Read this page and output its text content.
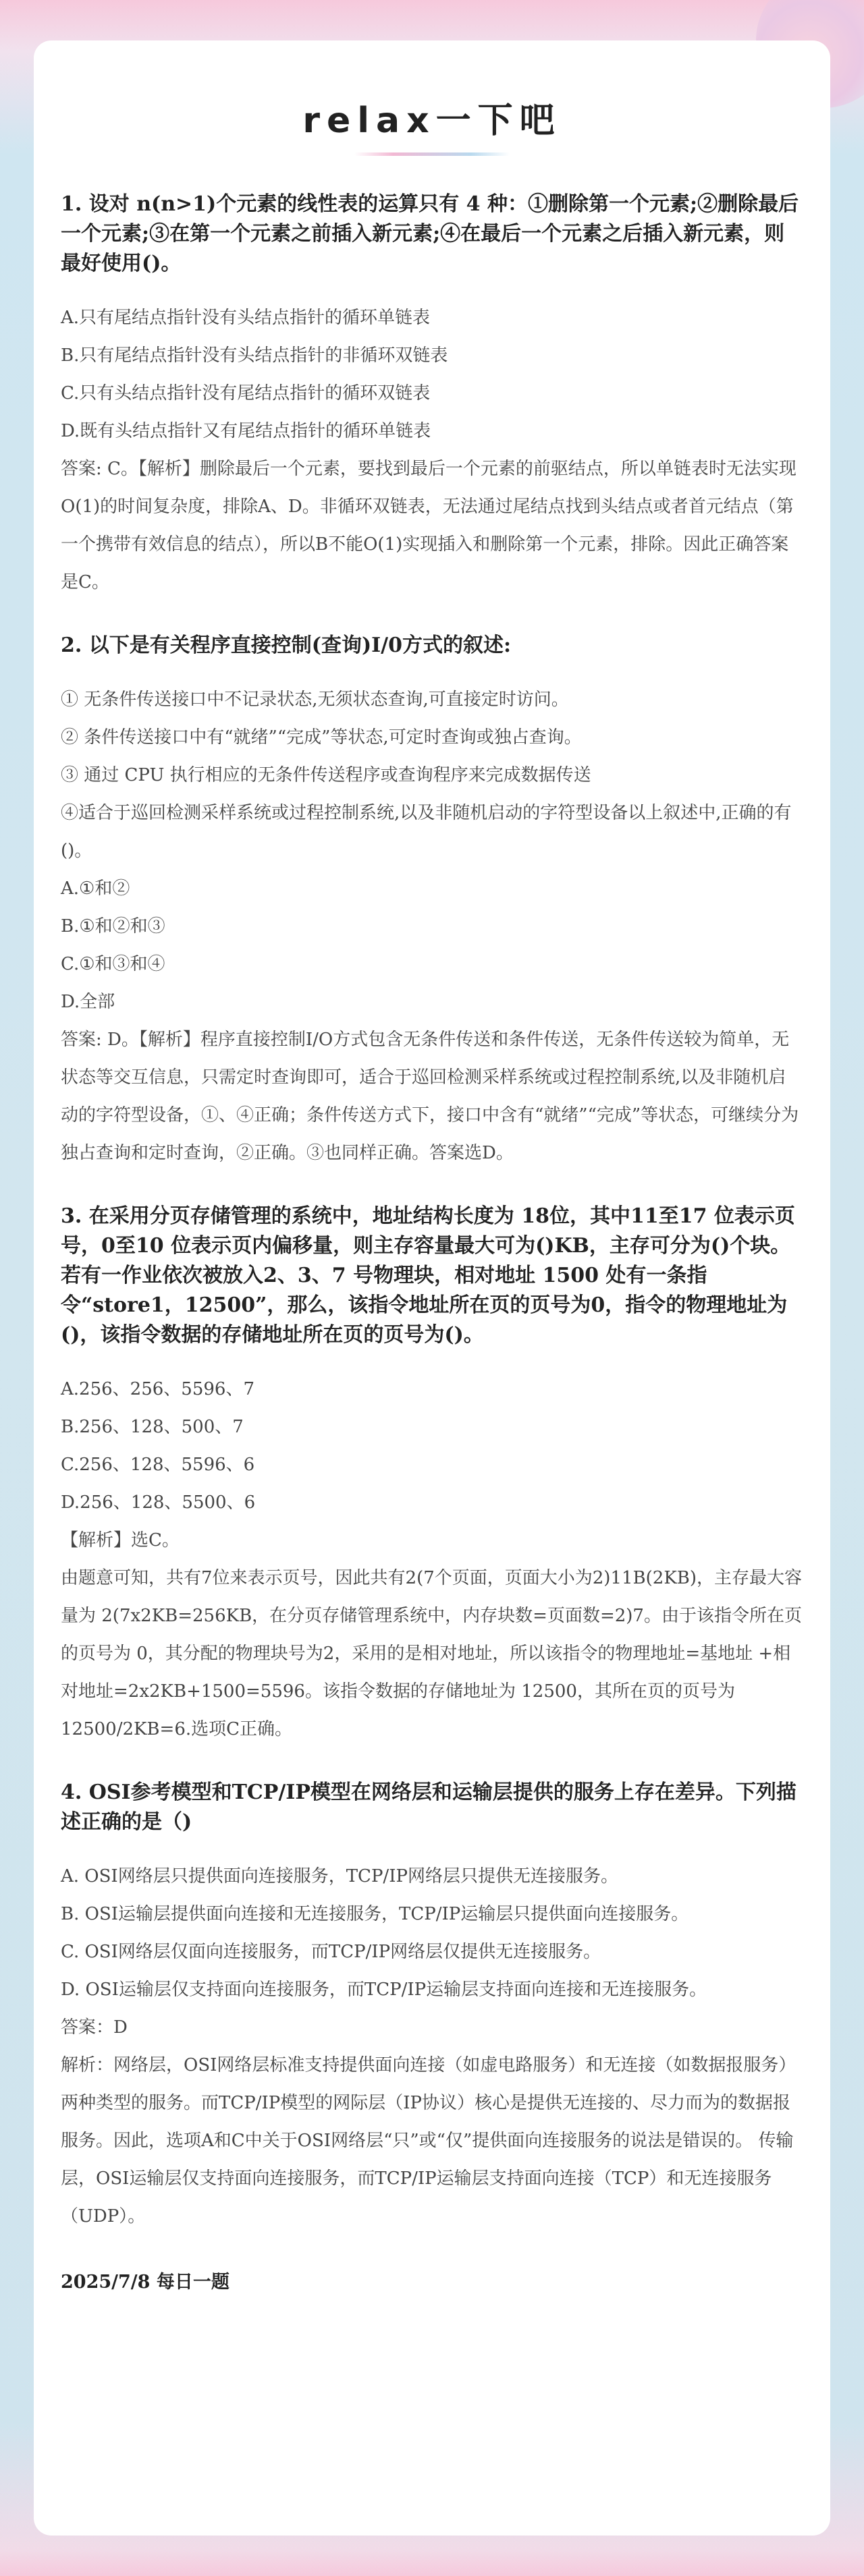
relax一下吧

1. 设对 n(n>1)个元素的线性表的运算只有 4 种：①删除第一个元素;②删除最后一个元素;③在第一个元素之前插入新元素;④在最后一个元素之后插入新元素，则最好使用()。

A.只有尾结点指针没有头结点指针的循环单链表

B.只有尾结点指针没有头结点指针的非循环双链表

C.只有头结点指针没有尾结点指针的循环双链表

D.既有头结点指针又有尾结点指针的循环单链表

答案: C。【解析】删除最后一个元素，要找到最后一个元素的前驱结点，所以单链表时无法实现O(1)的时间复杂度，排除A、D。非循环双链表，无法通过尾结点找到头结点或者首元结点（第一个携带有效信息的结点），所以B不能O(1)实现插入和删除第一个元素，排除。因此正确答案是C。

2. 以下是有关程序直接控制(查询)I/0方式的叙述:

① 无条件传送接口中不记录状态,无须状态查询,可直接定时访问。

② 条件传送接口中有“就绪”“完成”等状态,可定时查询或独占查询。

③ 通过 CPU 执行相应的无条件传送程序或查询程序来完成数据传送

④适合于巡回检测采样系统或过程控制系统,以及非随机启动的字符型设备以上叙述中,正确的有()。

A.①和②

B.①和②和③

C.①和③和④

D.全部

答案: D。【解析】程序直接控制I/O方式包含无条件传送和条件传送，无条件传送较为简单，无状态等交互信息，只需定时查询即可，适合于巡回检测采样系统或过程控制系统,以及非随机启动的字符型设备，①、④正确；条件传送方式下，接口中含有“就绪”“完成”等状态，可继续分为独占查询和定时查询，②正确。③也同样正确。答案选D。

3. 在采用分页存储管理的系统中，地址结构长度为 18位，其中11至17 位表示页号，0至10 位表示页内偏移量，则主存容量最大可为()KB，主存可分为()个块。若有一作业依次被放入2、3、7 号物理块，相对地址 1500 处有一条指令“store1，12500”，那么，该指令地址所在页的页号为0，指令的物理地址为()，该指令数据的存储地址所在页的页号为()。

A.256、256、5596、7

B.256、128、500、7

C.256、128、5596、6

D.256、128、5500、6

【解析】选C。

由题意可知，共有7位来表示页号，因此共有2(7个页面，页面大小为2)11B(2KB)，主存最大容量为 2(7x2KB=256KB，在分页存储管理系统中，内存块数=页面数=2)7。由于该指令所在页的页号为 0，其分配的物理块号为2，采用的是相对地址，所以该指令的物理地址=基地址 +相对地址=2x2KB+1500=5596。该指令数据的存储地址为 12500，其所在页的页号为12500/2KB=6.选项C正确。

4. OSI参考模型和TCP/IP模型在网络层和运输层提供的服务上存在差异。下列描述正确的是（)

A. OSI网络层只提供面向连接服务，TCP/IP网络层只提供无连接服务。

B. OSI运输层提供面向连接和无连接服务，TCP/IP运输层只提供面向连接服务。

C. OSI网络层仅面向连接服务，而TCP/IP网络层仅提供无连接服务。

D. OSI运输层仅支持面向连接服务，而TCP/IP运输层支持面向连接和无连接服务。

答案：D

解析：网络层，OSI网络层标准支持提供面向连接（如虚电路服务）和无连接（如数据报服务）两种类型的服务。而TCP/IP模型的网际层（IP协议）核心是提供无连接的、尽力而为的数据报服务。因此，选项A和C中关于OSI网络层“只”或“仅”提供面向连接服务的说法是错误的。 传输层，OSI运输层仅支持面向连接服务，而TCP/IP运输层支持面向连接（TCP）和无连接服务（UDP）。

2025/7/8 每日一题
